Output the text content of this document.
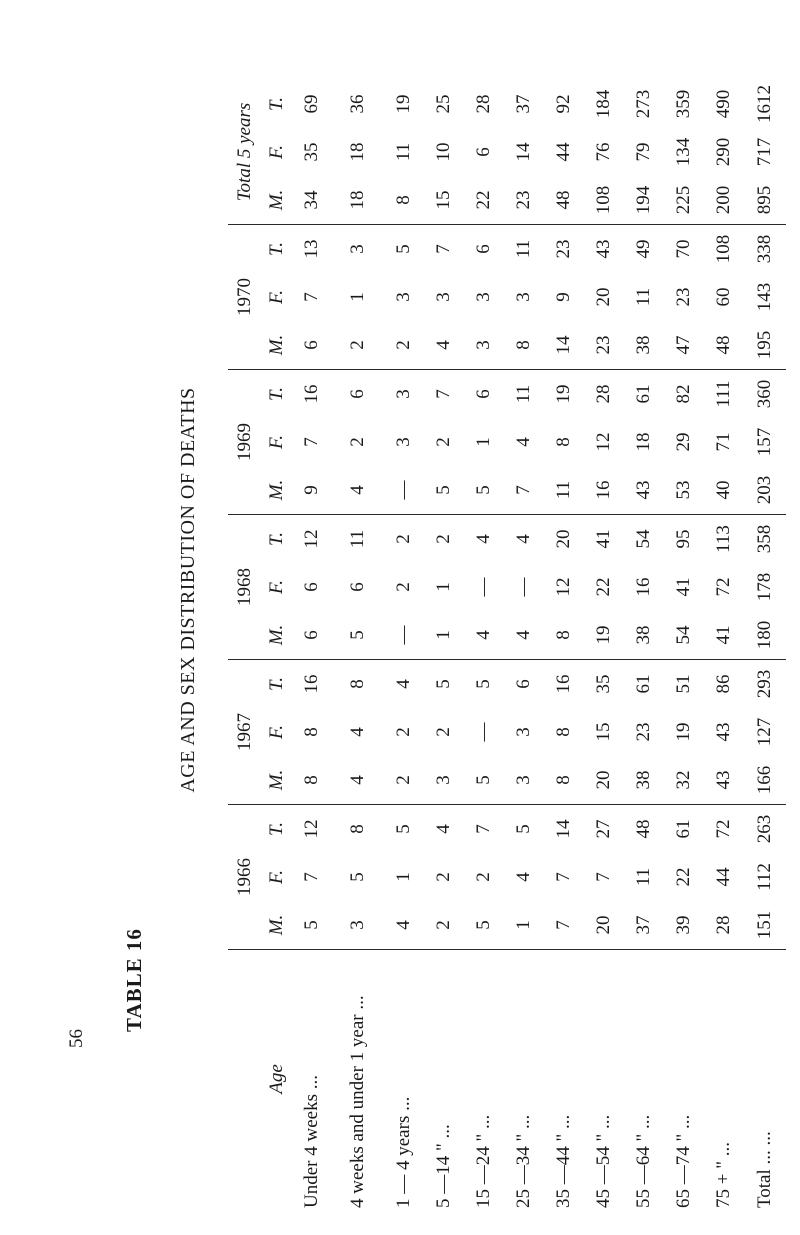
56
TABLE 16
AGE AND SEX DISTRIBUTION OF DEATHS
	1966			1967			1968			1969			1970			Total 5 years		
Age	M.	F.	T.	M.	F.	T.	M.	F.	T.	M.	F.	T.	M.	F.	T.	M.	F.	T.
Under 4 weeks ...	5	7	12	8	8	16	6	6	12	9	7	16	6	7	13	34	35	69
4 weeks and under 1 year ...	3	5	8	4	4	8	5	6	11	4	2	6	2	1	3	18	18	36
1 — 4 years ...	4	1	5	2	2	4	—	2	2	—	3	3	2	3	5	8	11	19
5 —14 " ...	2	2	4	3	2	5	1	1	2	5	2	7	4	3	7	15	10	25
15 —24 " ...	5	2	7	5	—	5	4	—	4	5	1	6	3	3	6	22	6	28
25 —34 " ...	1	4	5	3	3	6	4	—	4	7	4	11	8	3	11	23	14	37
35 —44 " ...	7	7	14	8	8	16	8	12	20	11	8	19	14	9	23	48	44	92
45 —54 " ...	20	7	27	20	15	35	19	22	41	16	12	28	23	20	43	108	76	184
55 —64 " ...	37	11	48	38	23	61	38	16	54	43	18	61	38	11	49	194	79	273
65 —74 " ...	39	22	61	32	19	51	54	41	95	53	29	82	47	23	70	225	134	359
75 + " ...	28	44	72	43	43	86	41	72	113	40	71	111	48	60	108	200	290	490
Total ... ...	151	112	263	166	127	293	180	178	358	203	157	360	195	143	338	895	717	1612
